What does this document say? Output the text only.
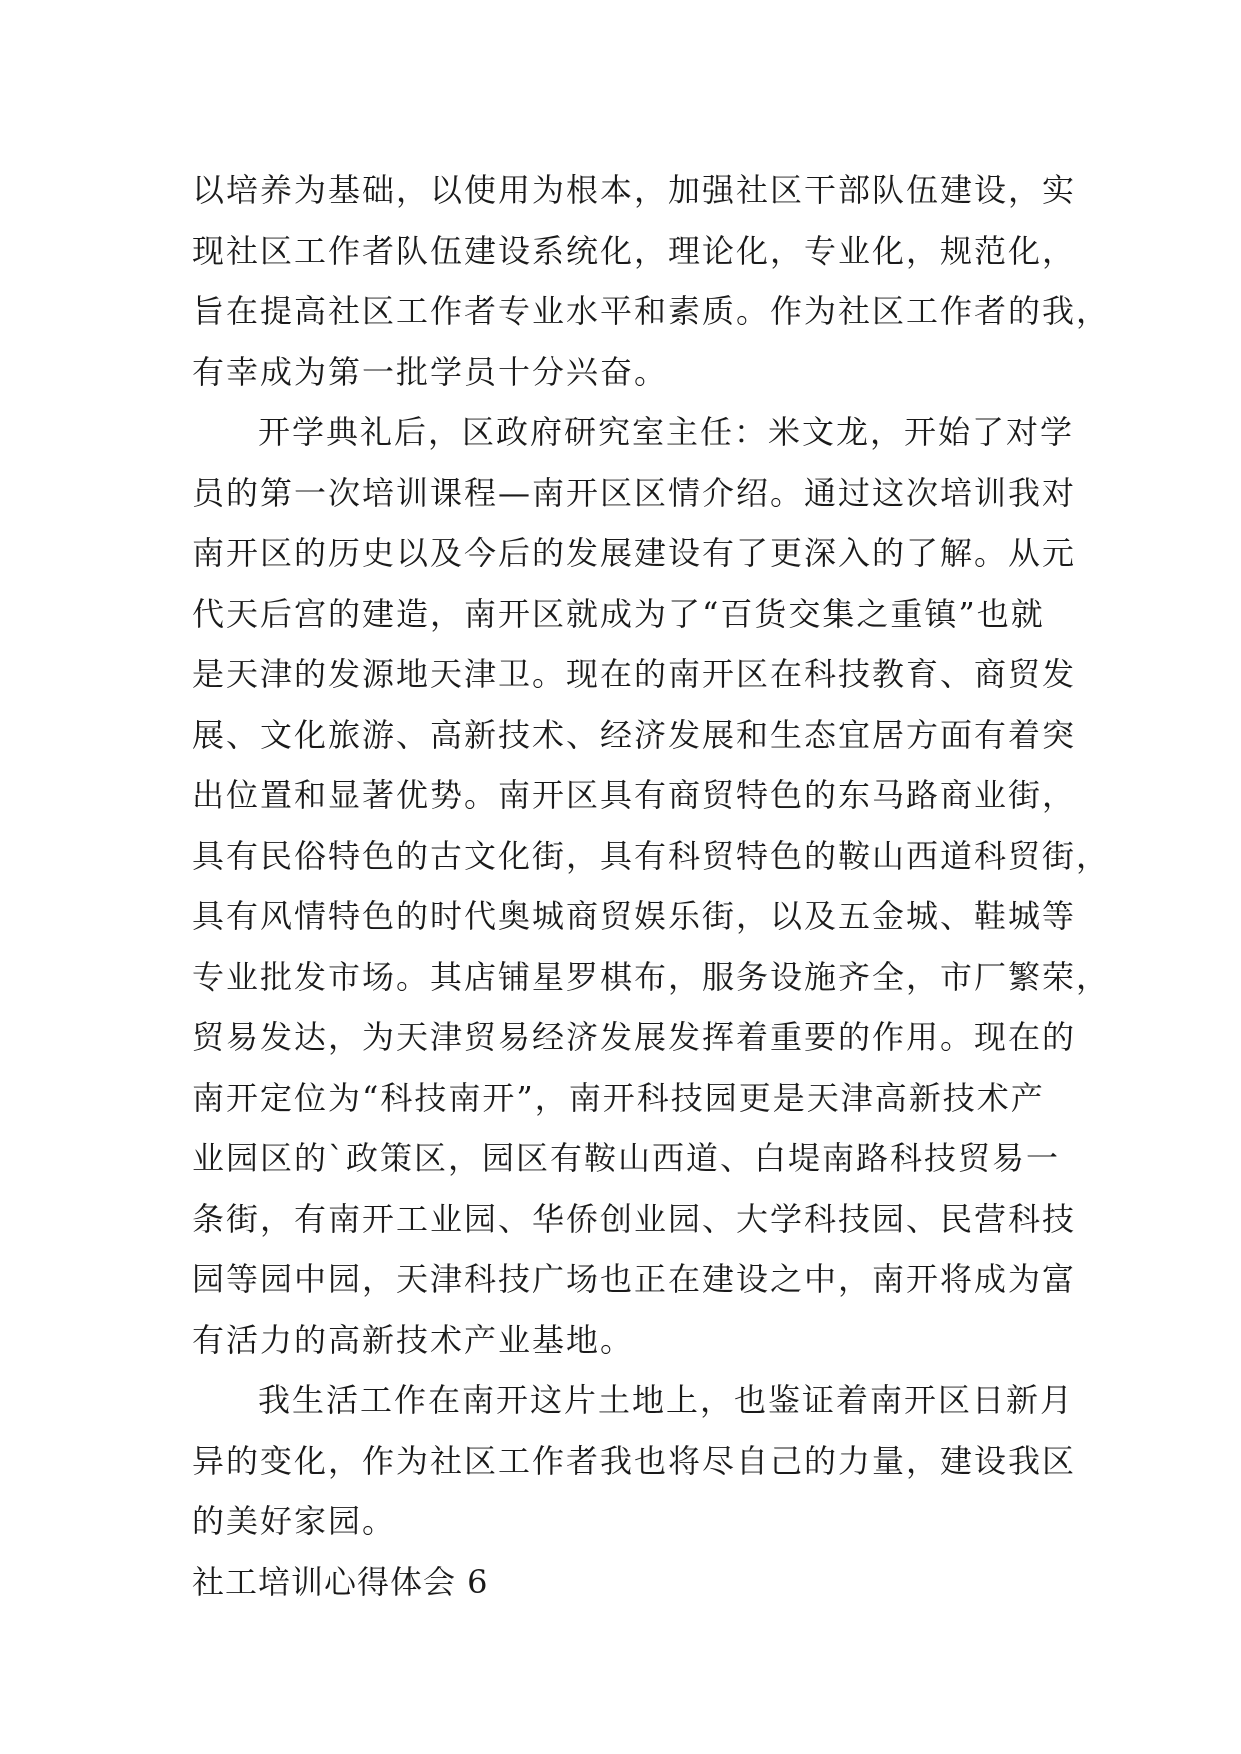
以培养为基础，以使用为根本，加强社区干部队伍建设，实
现社区工作者队伍建设系统化，理论化，专业化，规范化，
旨在提高社区工作者专业水平和素质。作为社区工作者的我，
有幸成为第一批学员十分兴奋。
开学典礼后，区政府研究室主任：米文龙，开始了对学
员的第一次培训课程—南开区区情介绍。通过这次培训我对
南开区的历史以及今后的发展建设有了更深入的了解。从元
代天后宫的建造，南开区就成为了“百货交集之重镇”也就
是天津的发源地天津卫。现在的南开区在科技教育、商贸发
展、文化旅游、高新技术、经济发展和生态宜居方面有着突
出位置和显著优势。南开区具有商贸特色的东马路商业街，
具有民俗特色的古文化街，具有科贸特色的鞍山西道科贸街，
具有风情特色的时代奥城商贸娱乐街，以及五金城、鞋城等
专业批发市场。其店铺星罗棋布，服务设施齐全，市厂繁荣，
贸易发达，为天津贸易经济发展发挥着重要的作用。现在的
南开定位为“科技南开”，南开科技园更是天津高新技术产
业园区的`政策区，园区有鞍山西道、白堤南路科技贸易一
条街，有南开工业园、华侨创业园、大学科技园、民营科技
园等园中园，天津科技广场也正在建设之中，南开将成为富
有活力的高新技术产业基地。
我生活工作在南开这片土地上，也鉴证着南开区日新月
异的变化，作为社区工作者我也将尽自己的力量，建设我区
的美好家园。
社工培训心得体会 6
